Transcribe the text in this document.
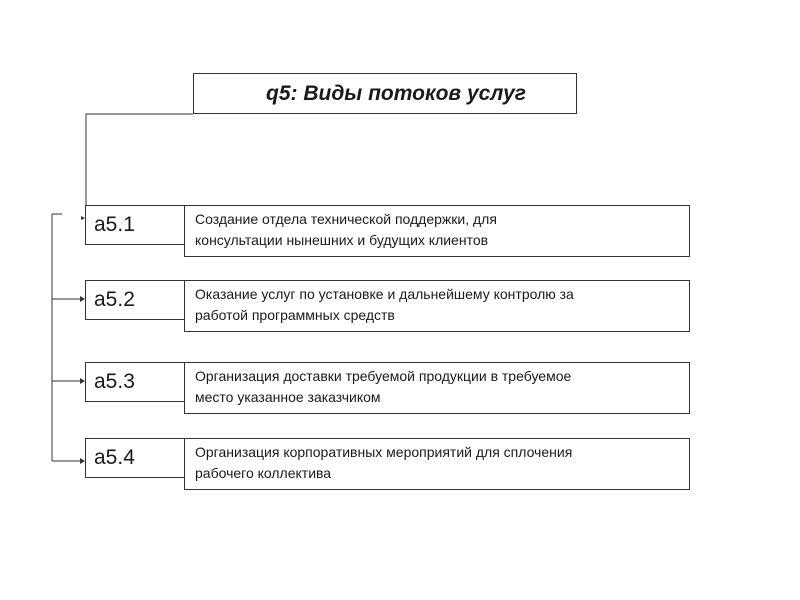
q5: Виды потоков услуг
a5.1	Создание отдела технической поддержки, для
консультации нынешних и будущих клиентов
a5.2	Оказание услуг по установке и дальнейшему контролю за
работой программных средств
a5.3	Организация доставки требуемой продукции в требуемое
место указанное заказчиком
a5.4	Организация корпоративных мероприятий для сплочения
рабочего коллектива
